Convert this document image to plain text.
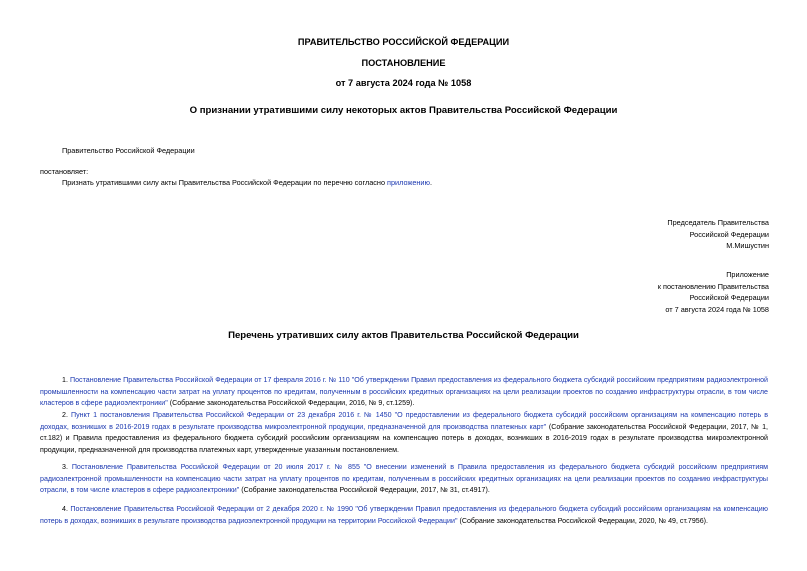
ПРАВИТЕЛЬСТВО РОССИЙСКОЙ ФЕДЕРАЦИИ
ПОСТАНОВЛЕНИЕ
от 7 августа 2024 года № 1058
О признании утратившими силу некоторых актов Правительства Российской Федерации
Правительство Российской Федерации
постановляет:
Признать утратившими силу акты Правительства Российской Федерации по перечню согласно приложению.
Председатель Правительства
Российской Федерации
М.Мишустин
Приложение
к постановлению Правительства
Российской Федерации
от 7 августа 2024 года № 1058
Перечень утративших силу актов Правительства Российской Федерации
1. Постановление Правительства Российской Федерации от 17 февраля 2016 г. № 110 "Об утверждении Правил предоставления из федерального бюджета субсидий российским предприятиям радиоэлектронной промышленности на компенсацию части затрат на уплату процентов по кредитам, полученным в российских кредитных организациях на цели реализации проектов по созданию инфраструктуры отрасли, в том числе кластеров в сфере радиоэлектроники" (Собрание законодательства Российской Федерации, 2016, № 9, ст.1259).
2. Пункт 1 постановления Правительства Российской Федерации от 23 декабря 2016 г. № 1450 "О предоставлении из федерального бюджета субсидий российским организациям на компенсацию потерь в доходах, возникших в 2016-2019 годах в результате производства микроэлектронной продукции, предназначенной для производства платежных карт" (Собрание законодательства Российской Федерации, 2017, № 1, ст.182) и Правила предоставления из федерального бюджета субсидий российским организациям на компенсацию потерь в доходах, возникших в 2016-2019 годах в результате производства микроэлектронной продукции, предназначенной для производства платежных карт, утвержденные указанным постановлением.
3. Постановление Правительства Российской Федерации от 20 июля 2017 г. № 855 "О внесении изменений в Правила предоставления из федерального бюджета субсидий российским предприятиям радиоэлектронной промышленности на компенсацию части затрат на уплату процентов по кредитам, полученным в российских кредитных организациях на цели реализации проектов по созданию инфраструктуры отрасли, в том числе кластеров в сфере радиоэлектроники" (Собрание законодательства Российской Федерации, 2017, № 31, ст.4917).
4. Постановление Правительства Российской Федерации от 2 декабря 2020 г. № 1990 "Об утверждении Правил предоставления из федерального бюджета субсидий российским организациям на компенсацию потерь в доходах, возникших в результате производства радиоэлектронной продукции на территории Российской Федерации" (Собрание законодательства Российской Федерации, 2020, № 49, ст.7956).
